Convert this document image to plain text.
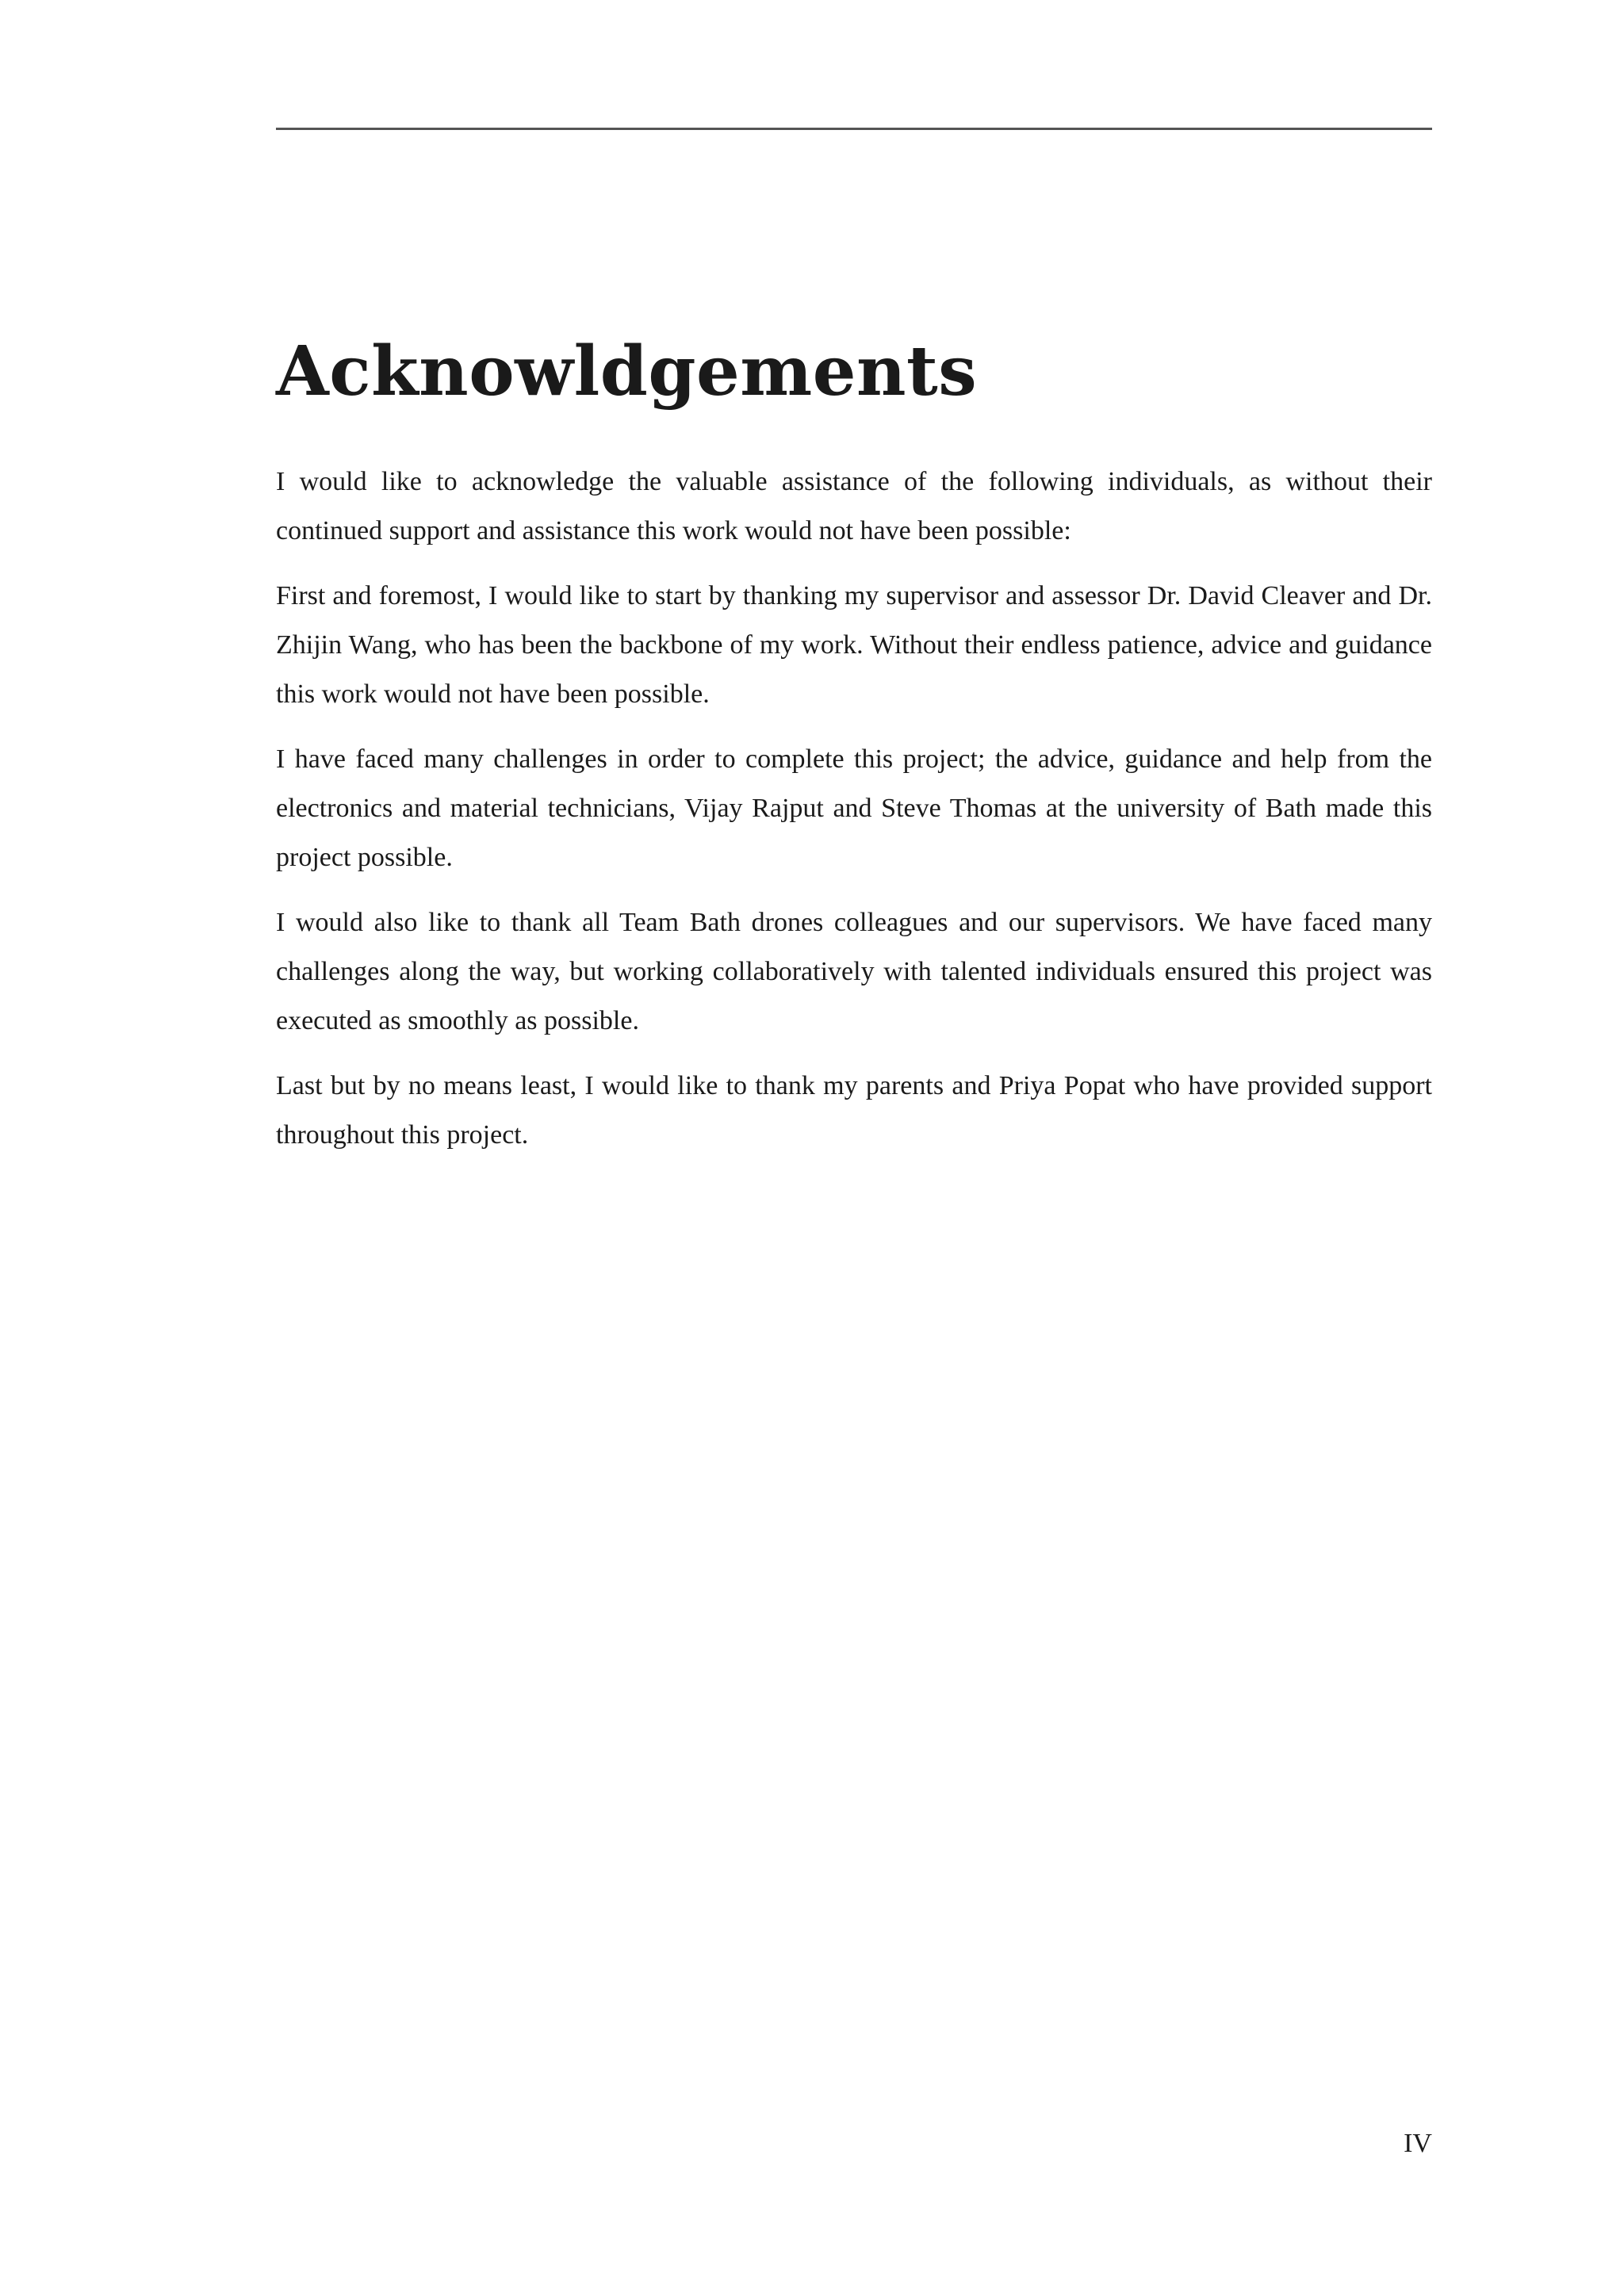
Acknowldgements

I would like to acknowledge the valuable assistance of the following individuals, as without their continued support and assistance this work would not have been possible:

First and foremost, I would like to start by thanking my supervisor and assessor Dr. David Cleaver and Dr. Zhijin Wang, who has been the backbone of my work. Without their endless patience, advice and guidance this work would not have been possible.

I have faced many challenges in order to complete this project; the advice, guidance and help from the electronics and material technicians, Vijay Rajput and Steve Thomas at the university of Bath made this project possible.

I would also like to thank all Team Bath drones colleagues and our supervisors. We have faced many challenges along the way, but working collaboratively with talented individuals ensured this project was executed as smoothly as possible.

Last but by no means least, I would like to thank my parents and Priya Popat who have provided support throughout this project.

IV
